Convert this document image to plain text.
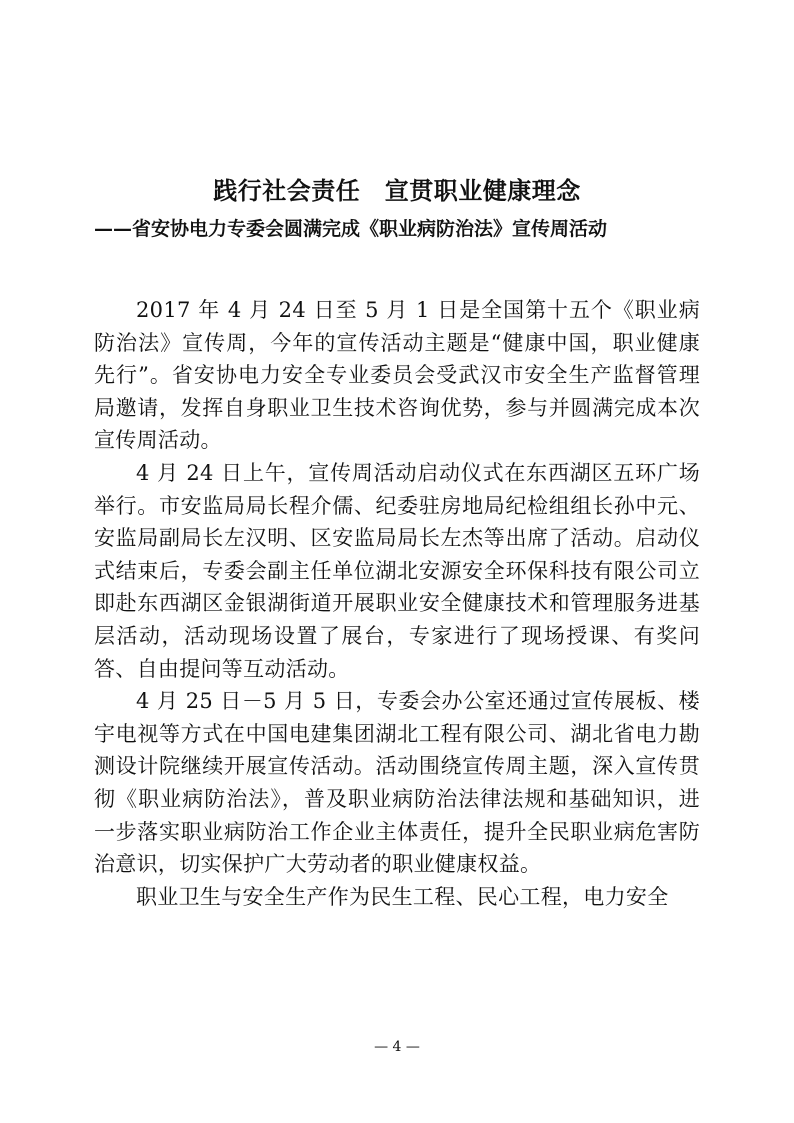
践行社会责任　宣贯职业健康理念
——省安协电力专委会圆满完成《职业病防治法》宣传周活动

2017 年 4 月 24 日至 5 月 1 日是全国第十五个《职业病防治法》宣传周，今年的宣传活动主题是“健康中国，职业健康先行”。省安协电力安全专业委员会受武汉市安全生产监督管理局邀请，发挥自身职业卫生技术咨询优势，参与并圆满完成本次宣传周活动。

4 月 24 日上午，宣传周活动启动仪式在东西湖区五环广场举行。市安监局局长程介儒、纪委驻房地局纪检组组长孙中元、安监局副局长左汉明、区安监局局长左杰等出席了活动。启动仪式结束后，专委会副主任单位湖北安源安全环保科技有限公司立即赴东西湖区金银湖街道开展职业安全健康技术和管理服务进基层活动，活动现场设置了展台，专家进行了现场授课、有奖问答、自由提问等互动活动。

4 月 25 日－5 月 5 日，专委会办公室还通过宣传展板、楼宇电视等方式在中国电建集团湖北工程有限公司、湖北省电力勘测设计院继续开展宣传活动。活动围绕宣传周主题，深入宣传贯彻《职业病防治法》，普及职业病防治法律法规和基础知识，进一步落实职业病防治工作企业主体责任，提升全民职业病危害防治意识，切实保护广大劳动者的职业健康权益。

职业卫生与安全生产作为民生工程、民心工程，电力安全

— 4 —
